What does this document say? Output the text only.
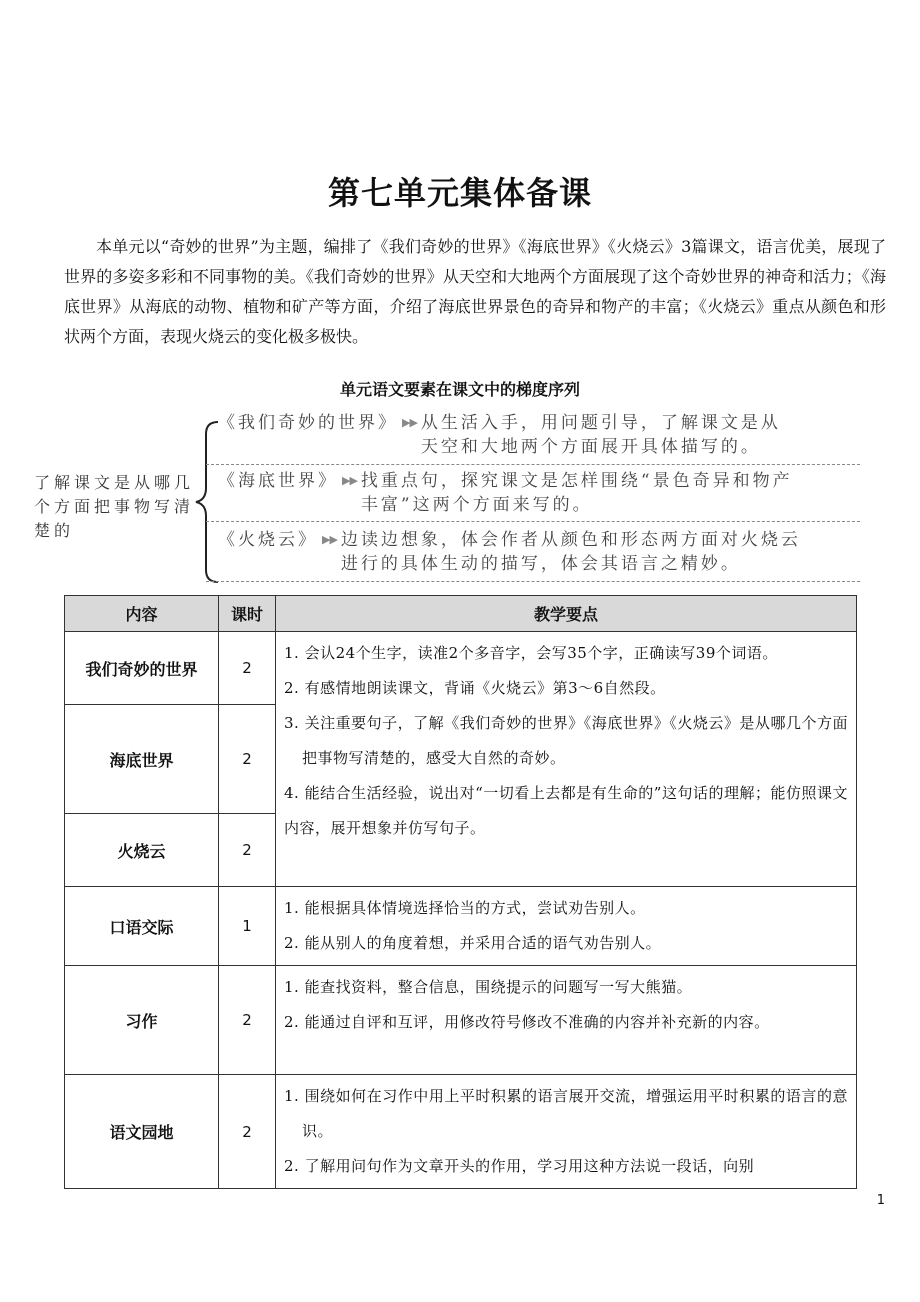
第七单元集体备课

本单元以“奇妙的世界”为主题，编排了《我们奇妙的世界》《海底世界》《火烧云》3篇课文，语言优美，展现了世界的多姿多彩和不同事物的美。《我们奇妙的世界》从天空和大地两个方面展现了这个奇妙世界的神奇和活力；《海底世界》从海底的动物、植物和矿产等方面，介绍了海底世界景色的奇异和物产的丰富；《火烧云》重点从颜色和形状两个方面，表现火烧云的变化极多极快。

单元语文要素在课文中的梯度序列
了解课文是从哪几个方面把事物写清楚的
《我们奇妙的世界》 ▶▶ 从生活入手，用问题引导，了解课文是从
天空和大地两个方面展开具体描写的。
《海底世界》 ▶▶ 找重点句，探究课文是怎样围绕“景色奇异和物产
丰富”这两个方面来写的。
《火烧云》 ▶▶ 边读边想象，体会作者从颜色和形态两方面对火烧云
进行的具体生动的描写，体会其语言之精妙。
内容	课时	教学要点
我们奇妙的世界	2	1. 会认24个生字，读准2个多音字，会写35个字，正确读写39个词语。
2. 有感情地朗读课文，背诵《火烧云》第3～6自然段。
3. 关注重要句子，了解《我们奇妙的世界》《海底世界》《火烧云》是从哪几个方面把事物写清楚的，感受大自然的奇妙。
4. 能结合生活经验，说出对“一切看上去都是有生命的”这句话的理解；能仿照课文内容，展开想象并仿写句子。

海底世界	2	
火烧云	2	
口语交际	1	1. 能根据具体情境选择恰当的方式，尝试劝告别人。
2. 能从别人的角度着想，并采用合适的语气劝告别人。

习作	2	1. 能查找资料，整合信息，围绕提示的问题写一写大熊猫。
2. 能通过自评和互评，用修改符号修改不准确的内容并补充新的内容。

语文园地	2	1. 围绕如何在习作中用上平时积累的语言展开交流，增强运用平时积累的语言的意识。
2. 了解用问句作为文章开头的作用，学习用这种方法说一段话，向别
1
